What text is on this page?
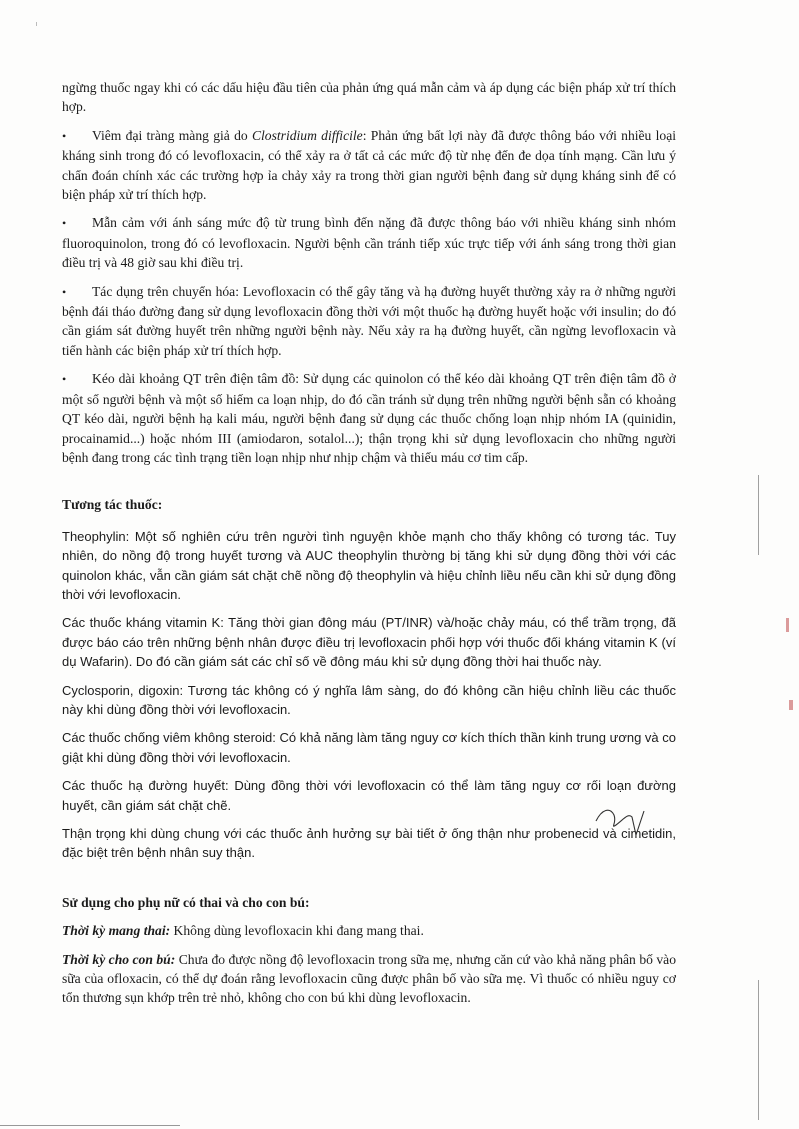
ngừng thuốc ngay khi có các dấu hiệu đầu tiên của phản ứng quá mẫn cảm và áp dụng các biện pháp xử trí thích hợp.

• Viêm đại tràng màng giả do Clostridium difficile: Phản ứng bất lợi này đã được thông báo với nhiều loại kháng sinh trong đó có levofloxacin, có thể xảy ra ở tất cả các mức độ từ nhẹ đến đe dọa tính mạng. Cần lưu ý chẩn đoán chính xác các trường hợp ỉa chảy xảy ra trong thời gian người bệnh đang sử dụng kháng sinh để có biện pháp xử trí thích hợp.

• Mẫn cảm với ánh sáng mức độ từ trung bình đến nặng đã được thông báo với nhiều kháng sinh nhóm fluoroquinolon, trong đó có levofloxacin. Người bệnh cần tránh tiếp xúc trực tiếp với ánh sáng trong thời gian điều trị và 48 giờ sau khi điều trị.

• Tác dụng trên chuyển hóa: Levofloxacin có thể gây tăng và hạ đường huyết thường xảy ra ở những người bệnh đái tháo đường đang sử dụng levofloxacin đồng thời với một thuốc hạ đường huyết hoặc với insulin; do đó cần giám sát đường huyết trên những người bệnh này. Nếu xảy ra hạ đường huyết, cần ngừng levofloxacin và tiến hành các biện pháp xử trí thích hợp.

• Kéo dài khoảng QT trên điện tâm đồ: Sử dụng các quinolon có thể kéo dài khoảng QT trên điện tâm đồ ở một số người bệnh và một số hiếm ca loạn nhịp, do đó cần tránh sử dụng trên những người bệnh sẵn có khoảng QT kéo dài, người bệnh hạ kali máu, người bệnh đang sử dụng các thuốc chống loạn nhịp nhóm IA (quinidin, procainamid...) hoặc nhóm III (amiodaron, sotalol...); thận trọng khi sử dụng levofloxacin cho những người bệnh đang trong các tình trạng tiền loạn nhịp như nhịp chậm và thiếu máu cơ tim cấp.

Tương tác thuốc:

Theophylin: Một số nghiên cứu trên người tình nguyện khỏe mạnh cho thấy không có tương tác. Tuy nhiên, do nồng độ trong huyết tương và AUC theophylin thường bị tăng khi sử dụng đồng thời với các quinolon khác, vẫn cần giám sát chặt chẽ nồng độ theophylin và hiệu chỉnh liều nếu cần khi sử dụng đồng thời với levofloxacin.

Các thuốc kháng vitamin K: Tăng thời gian đông máu (PT/INR) và/hoặc chảy máu, có thể trầm trọng, đã được báo cáo trên những bệnh nhân được điều trị levofloxacin phối hợp với thuốc đối kháng vitamin K (ví dụ Wafarin). Do đó cần giám sát các chỉ số về đông máu khi sử dụng đồng thời hai thuốc này.

Cyclosporin, digoxin: Tương tác không có ý nghĩa lâm sàng, do đó không cần hiệu chỉnh liều các thuốc này khi dùng đồng thời với levofloxacin.

Các thuốc chống viêm không steroid: Có khả năng làm tăng nguy cơ kích thích thần kinh trung ương và co giật khi dùng đồng thời với levofloxacin.

Các thuốc hạ đường huyết: Dùng đồng thời với levofloxacin có thể làm tăng nguy cơ rối loạn đường huyết, cần giám sát chặt chẽ.

Thận trọng khi dùng chung với các thuốc ảnh hưởng sự bài tiết ở ống thận như probenecid và cimetidin, đặc biệt trên bệnh nhân suy thận.

Sử dụng cho phụ nữ có thai và cho con bú:

Thời kỳ mang thai: Không dùng levofloxacin khi đang mang thai.

Thời kỳ cho con bú: Chưa đo được nồng độ levofloxacin trong sữa mẹ, nhưng căn cứ vào khả năng phân bố vào sữa của ofloxacin, có thể dự đoán rằng levofloxacin cũng được phân bố vào sữa mẹ. Vì thuốc có nhiều nguy cơ tổn thương sụn khớp trên trẻ nhỏ, không cho con bú khi dùng levofloxacin.
